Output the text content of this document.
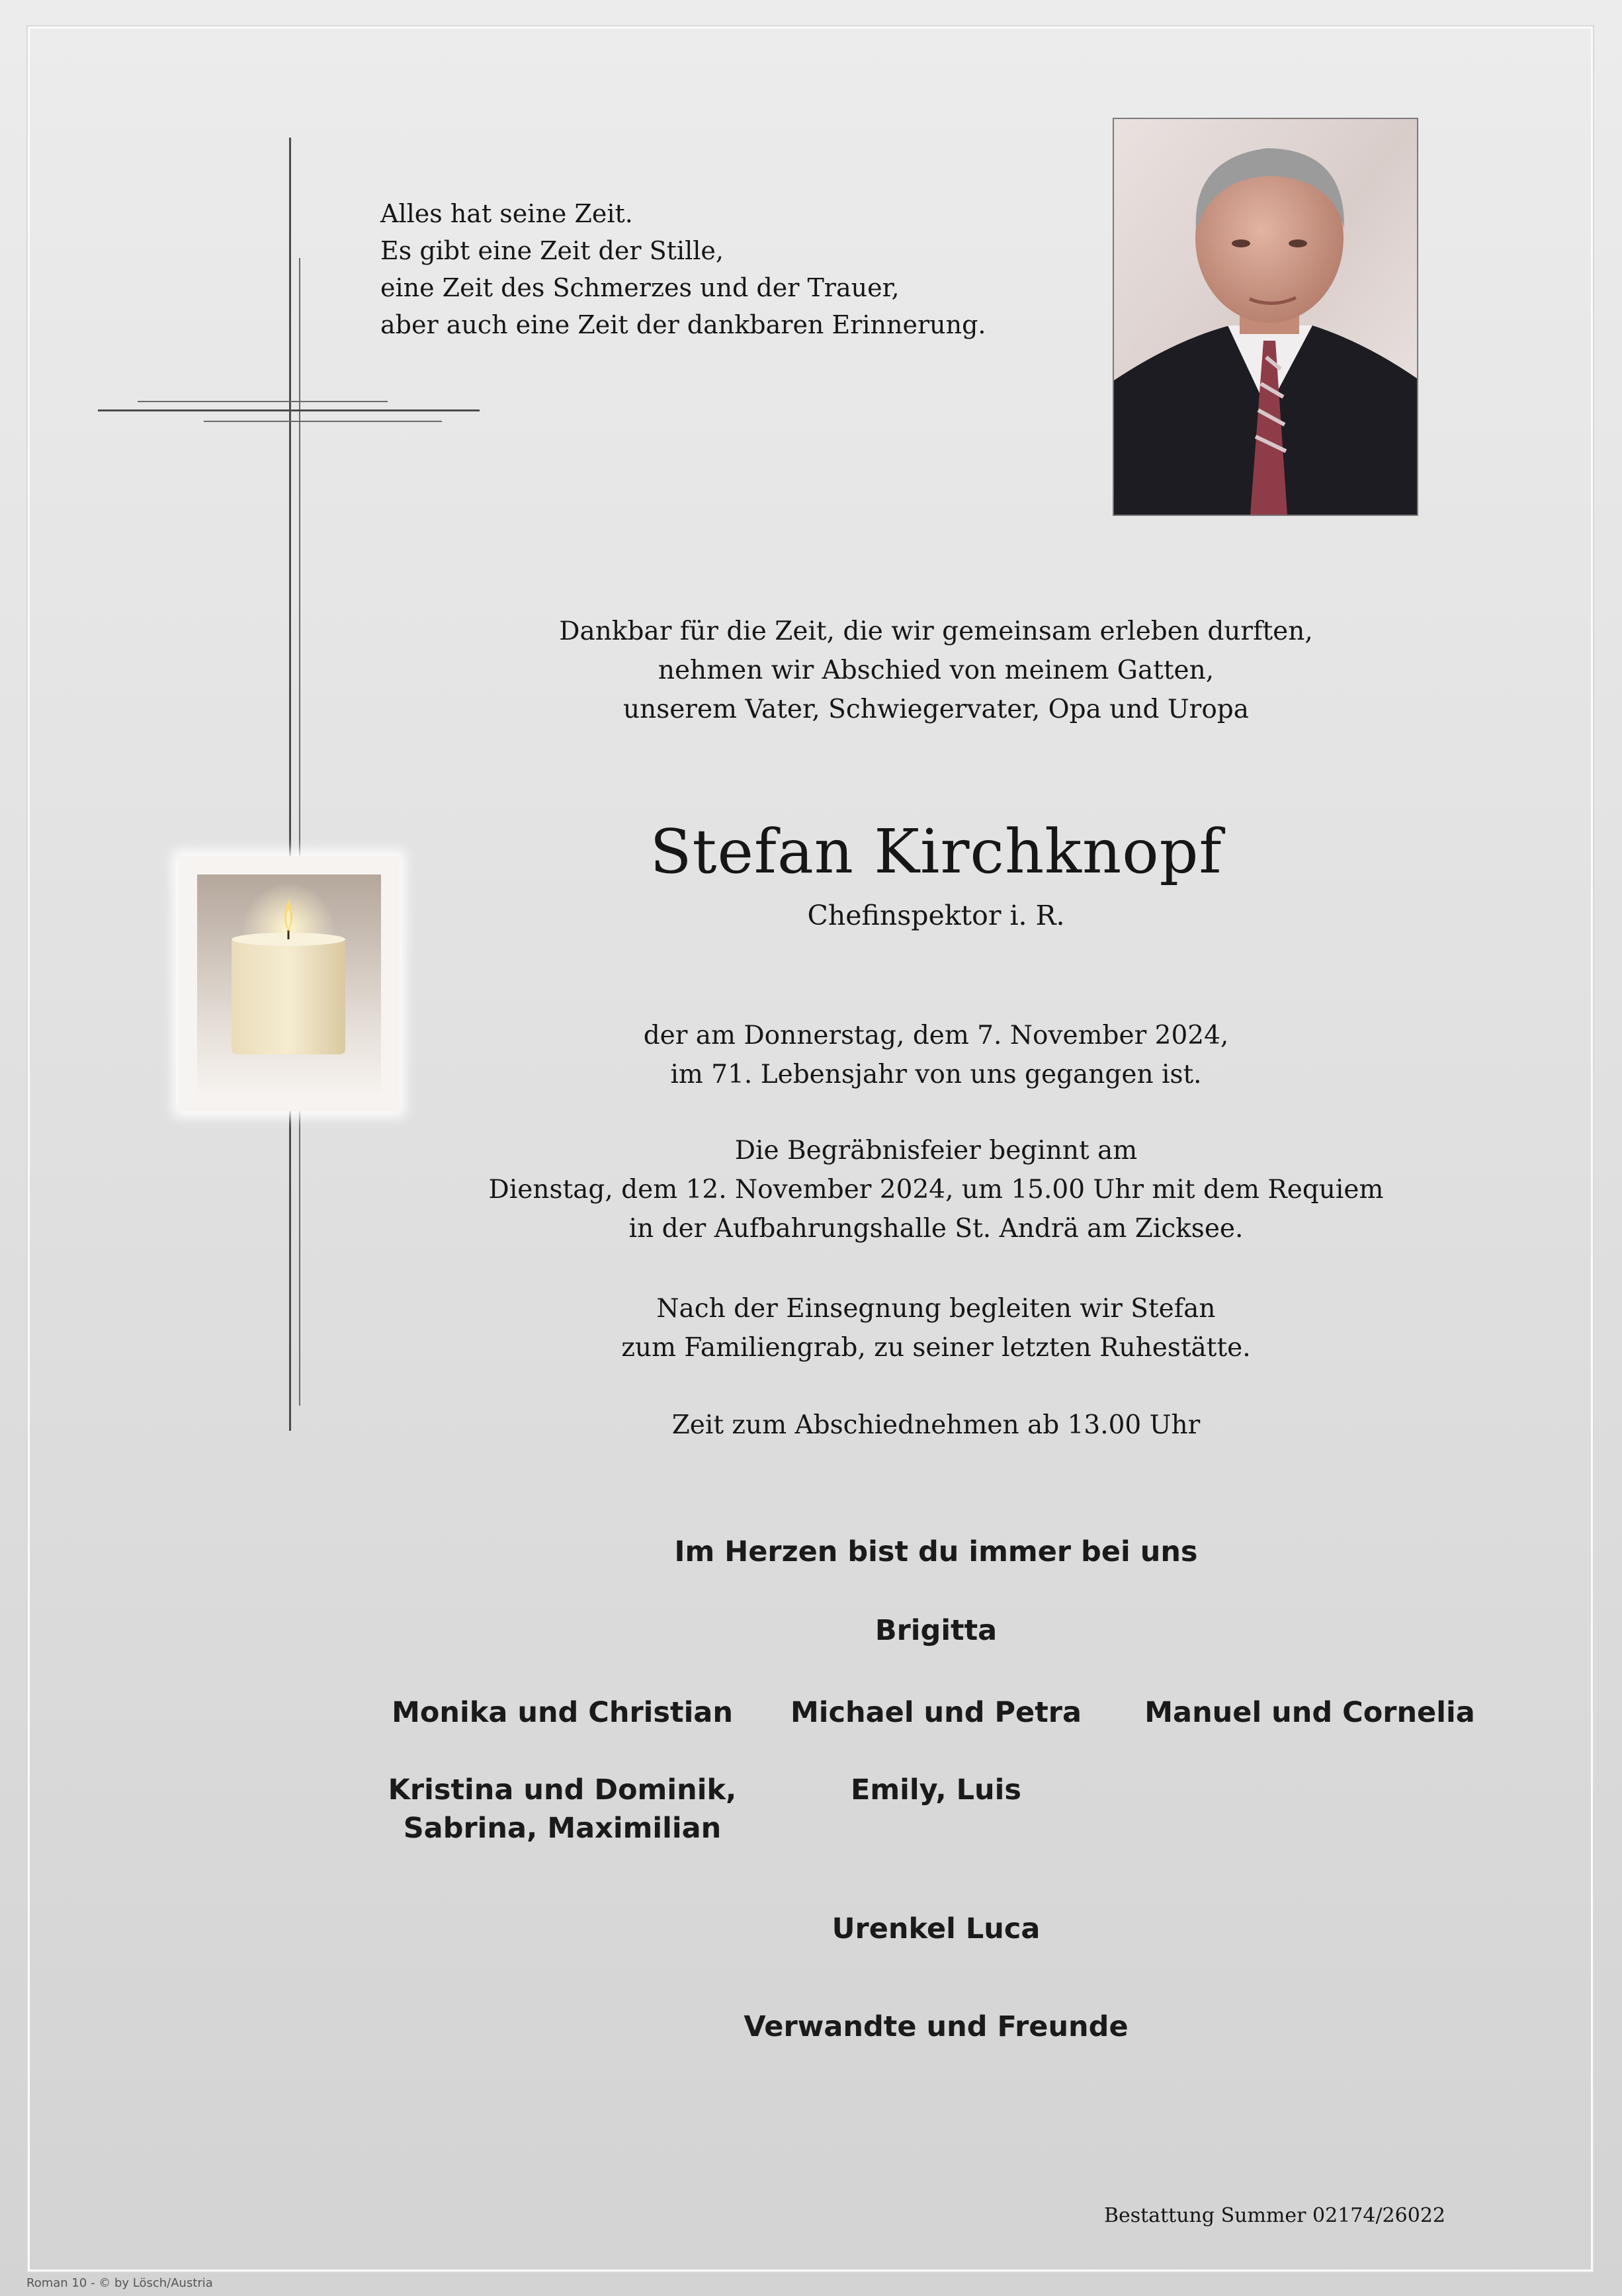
Alles hat seine Zeit.
Es gibt eine Zeit der Stille,
eine Zeit des Schmerzes und der Trauer,
aber auch eine Zeit der dankbaren Erinnerung.

Dankbar für die Zeit, die wir gemeinsam erleben durften,
nehmen wir Abschied von meinem Gatten,
unserem Vater, Schwiegervater, Opa und Uropa

Stefan Kirchknopf

Chefinspektor i. R.

der am Donnerstag, dem 7. November 2024,
im 71. Lebensjahr von uns gegangen ist.

Die Begräbnisfeier beginnt am
Dienstag, dem 12. November 2024, um 15.00 Uhr mit dem Requiem
in der Aufbahrungshalle St. Andrä am Zicksee.

Nach der Einsegnung begleiten wir Stefan
zum Familiengrab, zu seiner letzten Ruhestätte.

Zeit zum Abschiednehmen ab 13.00 Uhr

Im Herzen bist du immer bei uns

Brigitta

Monika und Christian	Michael und Petra	Manuel und Cornelia

Kristina und Dominik,
Sabrina, Maximilian

Emily, Luis

Urenkel Luca

Verwandte und Freunde

Bestattung Summer 02174/26022

Roman 10 - © by Lösch/Austria
